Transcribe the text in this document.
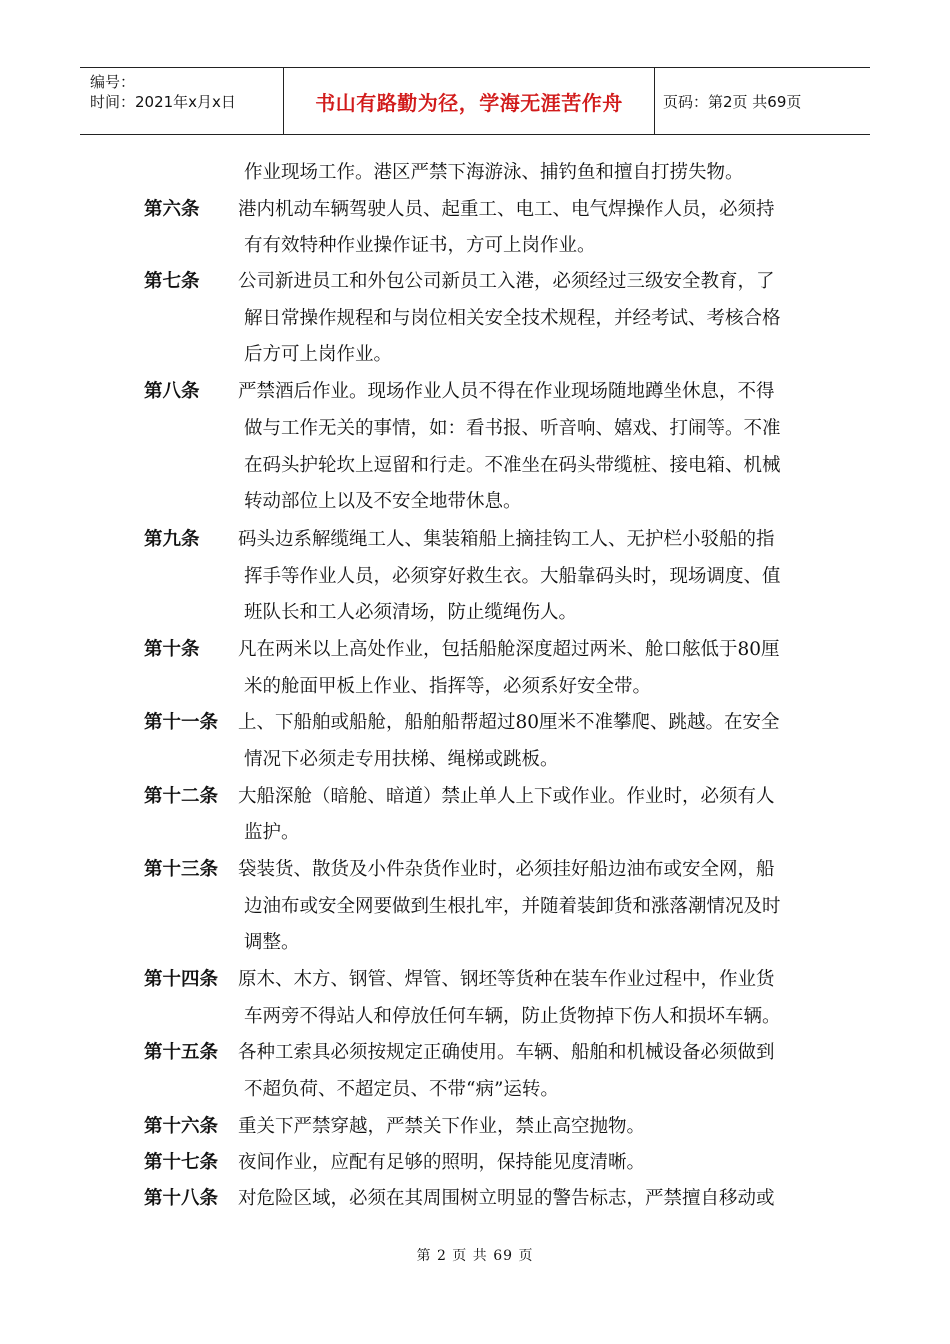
编号：
时间：2021年x月x日	书山有路勤为径，学海无涯苦作舟	页码：第2页 共69页
作业现场工作。港区严禁下海游泳、捕钓鱼和擅自打捞失物。
第六条 港内机动车辆驾驶人员、起重工、电工、电气焊操作人员，必须持
有有效特种作业操作证书，方可上岗作业。
第七条 公司新进员工和外包公司新员工入港，必须经过三级安全教育，了
解日常操作规程和与岗位相关安全技术规程，并经考试、考核合格
后方可上岗作业。
第八条 严禁酒后作业。现场作业人员不得在作业现场随地蹲坐休息，不得
做与工作无关的事情，如：看书报、听音响、嬉戏、打闹等。不准
在码头护轮坎上逗留和行走。不准坐在码头带缆桩、接电箱、机械
转动部位上以及不安全地带休息。
第九条 码头边系解缆绳工人、集装箱船上摘挂钩工人、无护栏小驳船的指
挥手等作业人员，必须穿好救生衣。大船靠码头时，现场调度、值
班队长和工人必须清场，防止缆绳伤人。
第十条 凡在两米以上高处作业，包括船舱深度超过两米、舱口舷低于80厘
米的舱面甲板上作业、指挥等，必须系好安全带。
第十一条 上、下船舶或船舱，船舶船帮超过80厘米不准攀爬、跳越。在安全
情况下必须走专用扶梯、绳梯或跳板。
第十二条 大船深舱（暗舱、暗道）禁止单人上下或作业。作业时，必须有人
监护。
第十三条 袋装货、散货及小件杂货作业时，必须挂好船边油布或安全网，船
边油布或安全网要做到生根扎牢，并随着装卸货和涨落潮情况及时
调整。
第十四条 原木、木方、钢管、焊管、钢坯等货种在装车作业过程中，作业货
车两旁不得站人和停放任何车辆，防止货物掉下伤人和损坏车辆。
第十五条 各种工索具必须按规定正确使用。车辆、船舶和机械设备必须做到
不超负荷、不超定员、不带“病”运转。
第十六条 重关下严禁穿越，严禁关下作业，禁止高空抛物。
第十七条 夜间作业，应配有足够的照明，保持能见度清晰。
第十八条 对危险区域，必须在其周围树立明显的警告标志，严禁擅自移动或
第 2 页 共 69 页
